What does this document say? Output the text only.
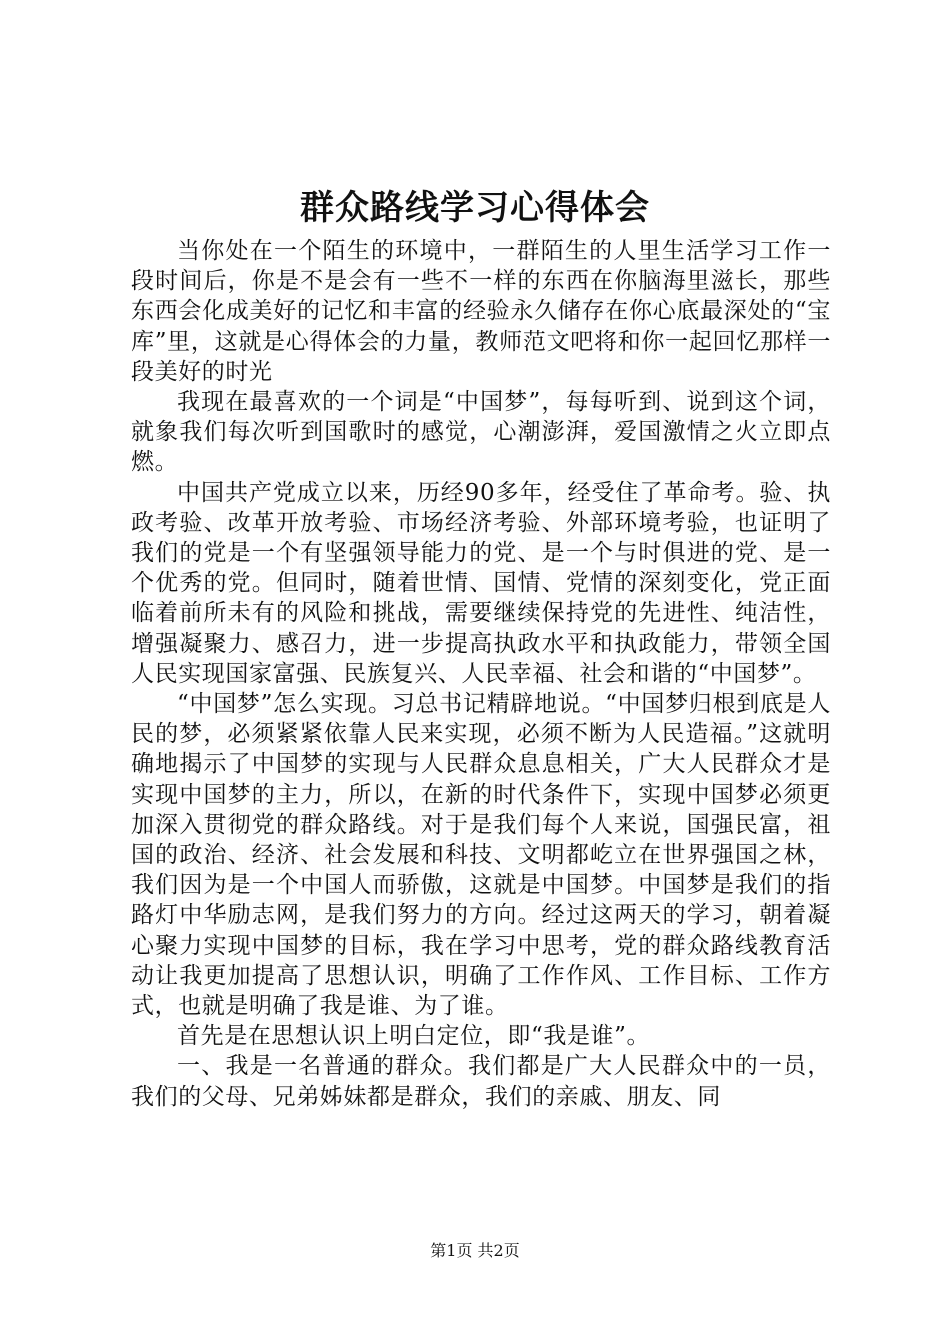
群众路线学习心得体会

当你处在一个陌生的环境中，一群陌生的人里生活学习工作一段时间后，你是不是会有一些不一样的东西在你脑海里滋长，那些东西会化成美好的记忆和丰富的经验永久储存在你心底最深处的“宝库”里，这就是心得体会的力量，教师范文吧将和你一起回忆那样一段美好的时光

我现在最喜欢的一个词是“中国梦”，每每听到、说到这个词，就象我们每次听到国歌时的感觉，心潮澎湃，爱国激情之火立即点燃。

中国共产党成立以来，历经90多年，经受住了革命考。验、执政考验、改革开放考验、市场经济考验、外部环境考验，也证明了我们的党是一个有坚强领导能力的党、是一个与时俱进的党、是一个优秀的党。但同时，随着世情、国情、党情的深刻变化，党正面临着前所未有的风险和挑战，需要继续保持党的先进性、纯洁性，增强凝聚力、感召力，进一步提高执政水平和执政能力，带领全国人民实现国家富强、民族复兴、人民幸福、社会和谐的“中国梦”。

“中国梦”怎么实现。习总书记精辟地说。“中国梦归根到底是人民的梦，必须紧紧依靠人民来实现，必须不断为人民造福。”这就明确地揭示了中国梦的实现与人民群众息息相关，广大人民群众才是实现中国梦的主力，所以，在新的时代条件下，实现中国梦必须更加深入贯彻党的群众路线。对于是我们每个人来说，国强民富，祖国的政治、经济、社会发展和科技、文明都屹立在世界强国之林，我们因为是一个中国人而骄傲，这就是中国梦。中国梦是我们的指路灯中华励志网，是我们努力的方向。经过这两天的学习，朝着凝心聚力实现中国梦的目标，我在学习中思考，党的群众路线教育活动让我更加提高了思想认识，明确了工作作风、工作目标、工作方式，也就是明确了我是谁、为了谁。

首先是在思想认识上明白定位，即“我是谁”。

一、我是一名普通的群众。我们都是广大人民群众中的一员，我们的父母、兄弟姊妹都是群众，我们的亲戚、朋友、同

第1页 共2页
